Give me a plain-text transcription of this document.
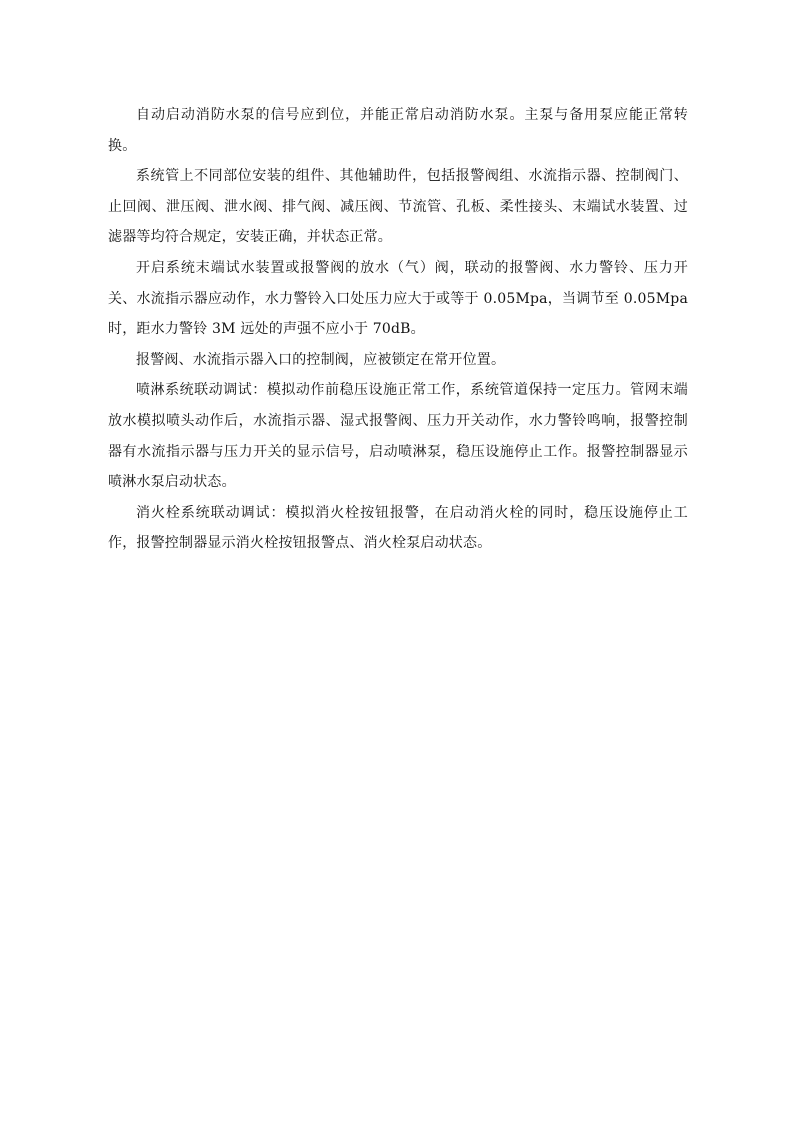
自动启动消防水泵的信号应到位，并能正常启动消防水泵。主泵与备用泵应能正常转换。

系统管上不同部位安装的组件、其他辅助件，包括报警阀组、水流指示器、控制阀门、止回阀、泄压阀、泄水阀、排气阀、减压阀、节流管、孔板、柔性接头、末端试水装置、过滤器等均符合规定，安装正确，并状态正常。

开启系统末端试水装置或报警阀的放水（气）阀，联动的报警阀、水力警铃、压力开关、水流指示器应动作，水力警铃入口处压力应大于或等于 0.05Mpa，当调节至 0.05Mpa 时，距水力警铃 3M 远处的声强不应小于 70dB。

报警阀、水流指示器入口的控制阀，应被锁定在常开位置。

喷淋系统联动调试：模拟动作前稳压设施正常工作，系统管道保持一定压力。管网末端放水模拟喷头动作后，水流指示器、湿式报警阀、压力开关动作，水力警铃鸣响，报警控制器有水流指示器与压力开关的显示信号，启动喷淋泵，稳压设施停止工作。报警控制器显示喷淋水泵启动状态。

消火栓系统联动调试：模拟消火栓按钮报警，在启动消火栓的同时，稳压设施停止工作，报警控制器显示消火栓按钮报警点、消火栓泵启动状态。
